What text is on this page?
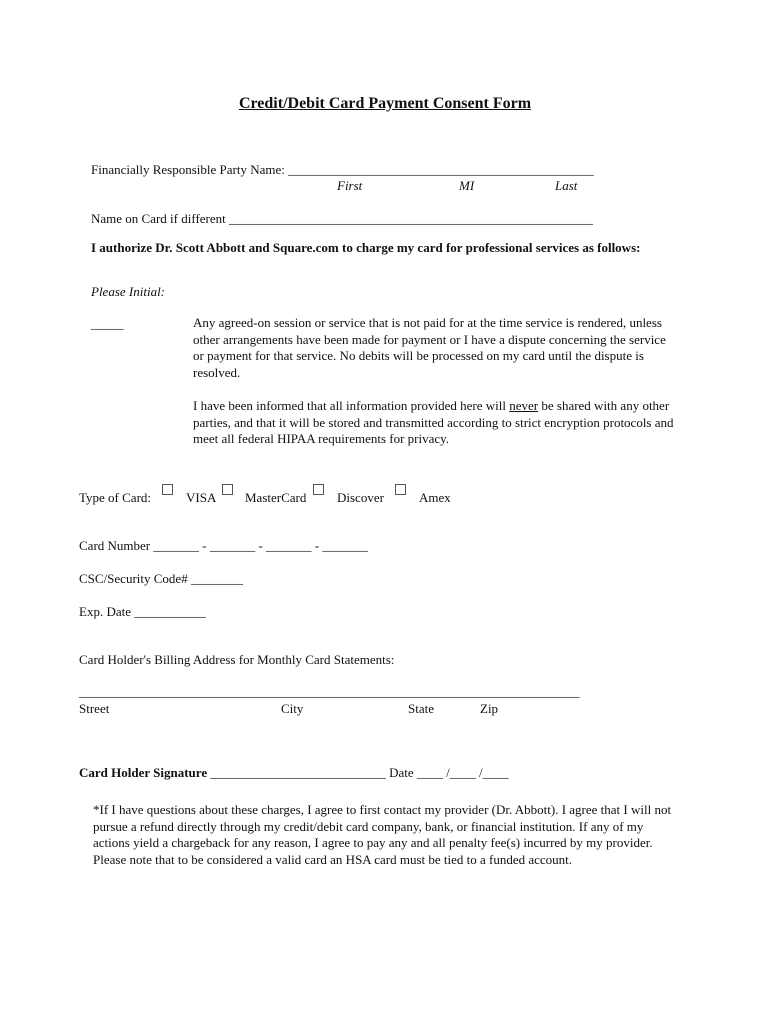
Credit/Debit Card Payment Consent Form
Financially Responsible Party Name: _______________________________________________
First	MI	Last
Name on Card if different ________________________________________________________
I authorize Dr. Scott Abbott and Square.com to charge my card for professional services as follows:
Please Initial:
_____	Any agreed-on session or service that is not paid for at the time service is rendered, unless other arrangements have been made for payment or I have a dispute concerning the service or payment for that service. No debits will be processed on my card until the dispute is resolved.
I have been informed that all information provided here will never be shared with any other parties, and that it will be stored and transmitted according to strict encryption protocols and meet all federal HIPAA requirements for privacy.
Type of Card:	VISA MasterCard Discover	Amex
Card Number _______ - _______ - _______ - _______
CSC/Security Code# ________
Exp. Date ___________
Card Holder's Billing Address for Monthly Card Statements:
_____________________________________________________________________________
Street	City	State	Zip
Card Holder Signature ___________________________ Date ____ /____ /____
*If I have questions about these charges, I agree to first contact my provider (Dr. Abbott). I agree that I will not pursue a refund directly through my credit/debit card company, bank, or financial institution. If any of my actions yield a chargeback for any reason, I agree to pay any and all penalty fee(s) incurred by my provider. Please note that to be considered a valid card an HSA card must be tied to a funded account.
